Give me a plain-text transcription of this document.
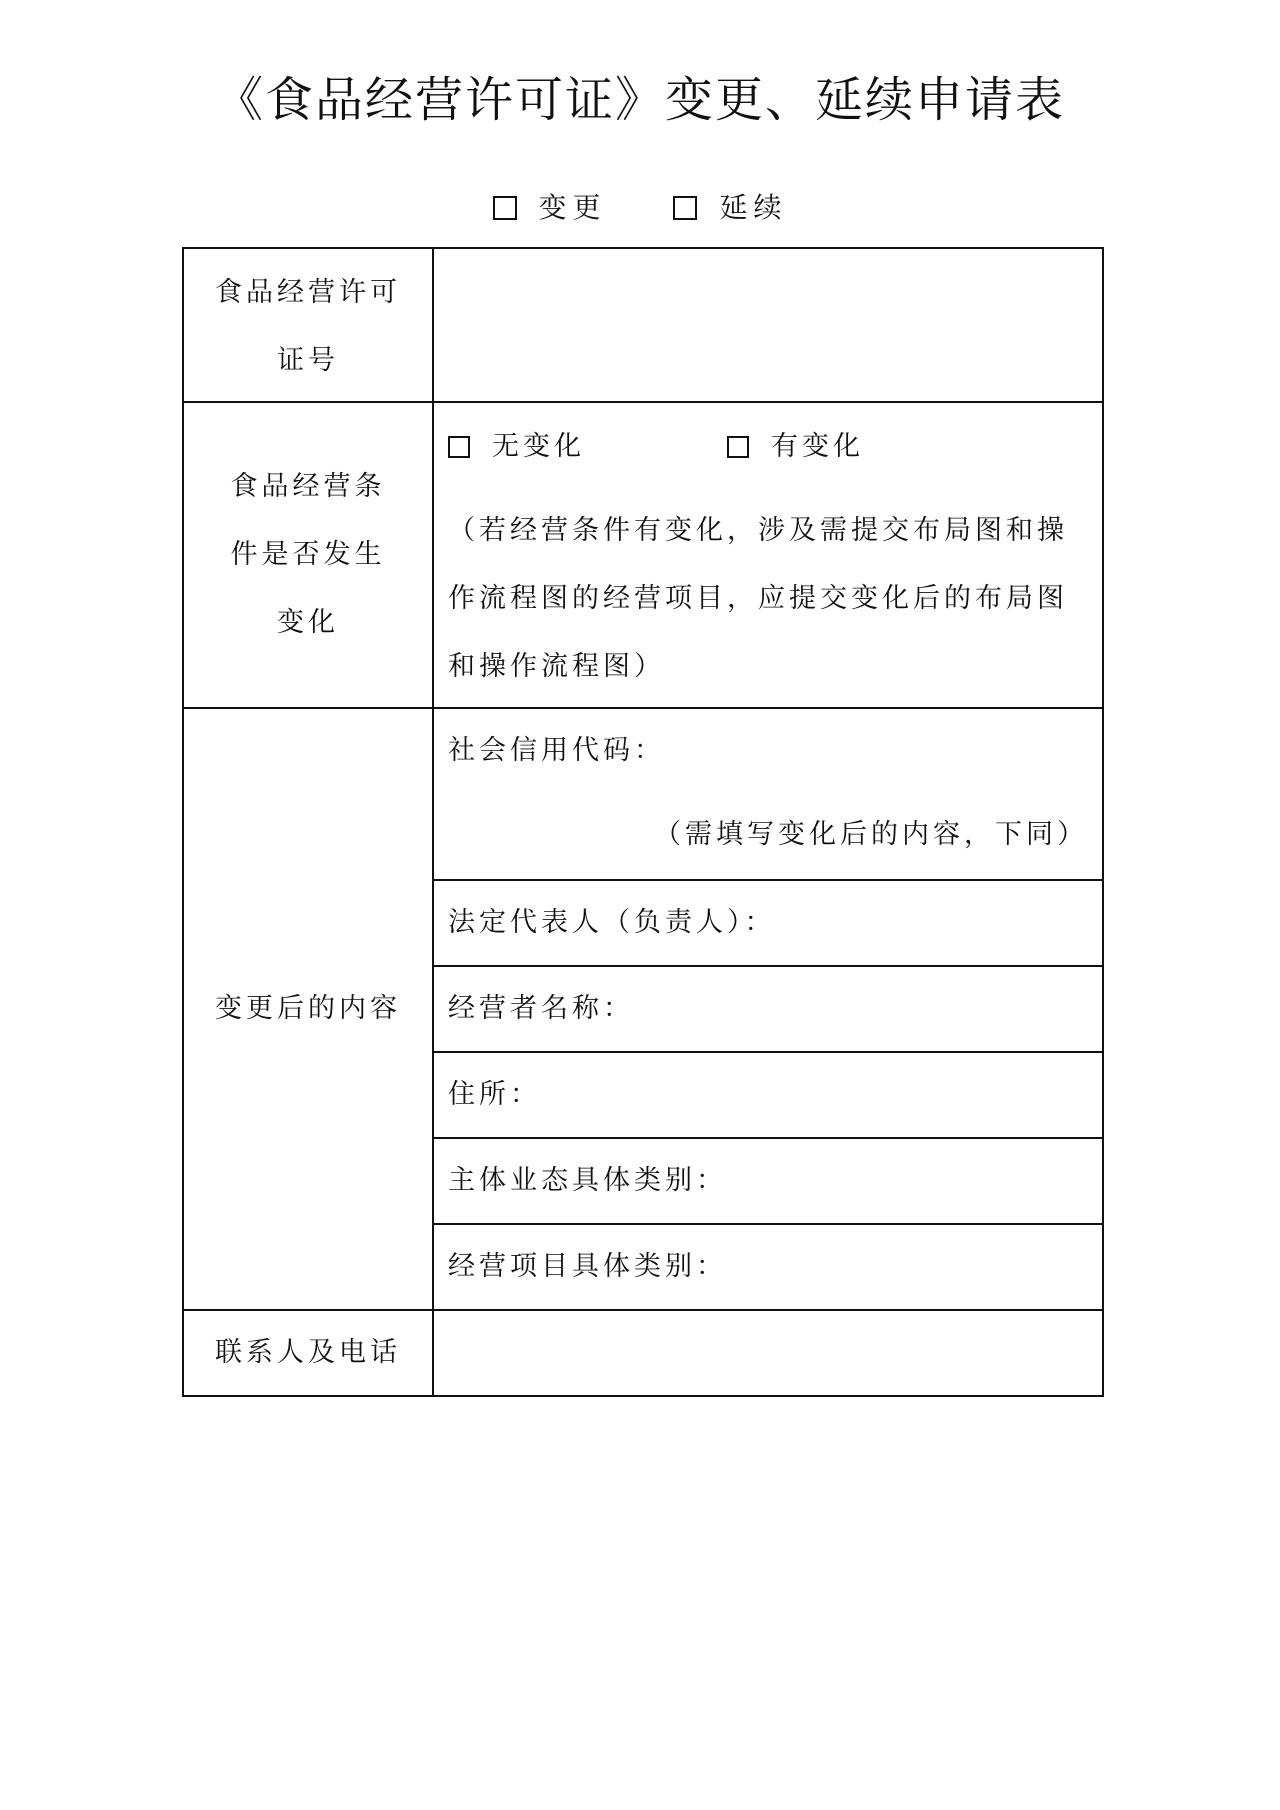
《食品经营许可证》变更、延续申请表
变更
	延续
食品经营许可证号	

食品经营条件是否发生变化	无变化 有变化
（若经营条件有变化，涉及需提交布局图和操作流程图的经营项目，应提交变化后的布局图和操作流程图）

变更后的内容	社会信用代码：
（需填写变化后的内容，下同）

	法定代表人（负责人）：
	经营者名称：
	住所：
	主体业态具体类别：
	经营项目具体类别：
联系人及电话	
